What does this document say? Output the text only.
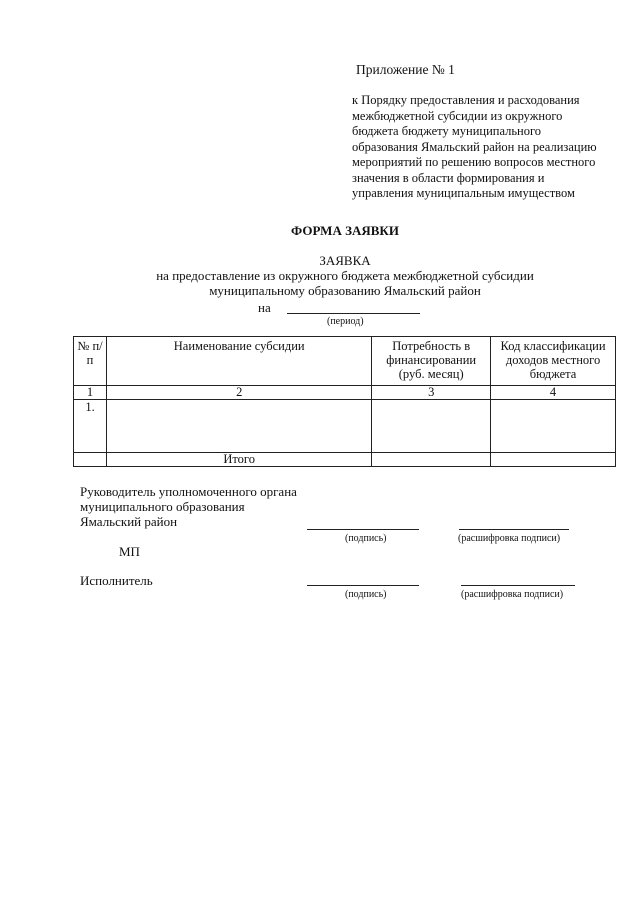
Приложение № 1
к Порядку предоставления и расходования
межбюджетной субсидии из окружного
бюджета бюджету муниципального
образования Ямальский район на реализацию
мероприятий по решению вопросов местного
значения в области формирования и
управления муниципальным имуществом
ФОРМА ЗАЯВКИ
ЗАЯВКА
на предоставление из окружного бюджета межбюджетной субсидии
муниципальному образованию Ямальский район
на
(период)
№ п/п	Наименование субсидии	Потребность в финансировании (руб. месяц)	Код классификации доходов местного бюджета
1	2	3	4
1.			
	Итого		
Руководитель уполномоченного органа
муниципального образования
Ямальский район
(подпись)	(расшифровка подписи)
МП
Исполнитель
(подпись)	(расшифровка подписи)
